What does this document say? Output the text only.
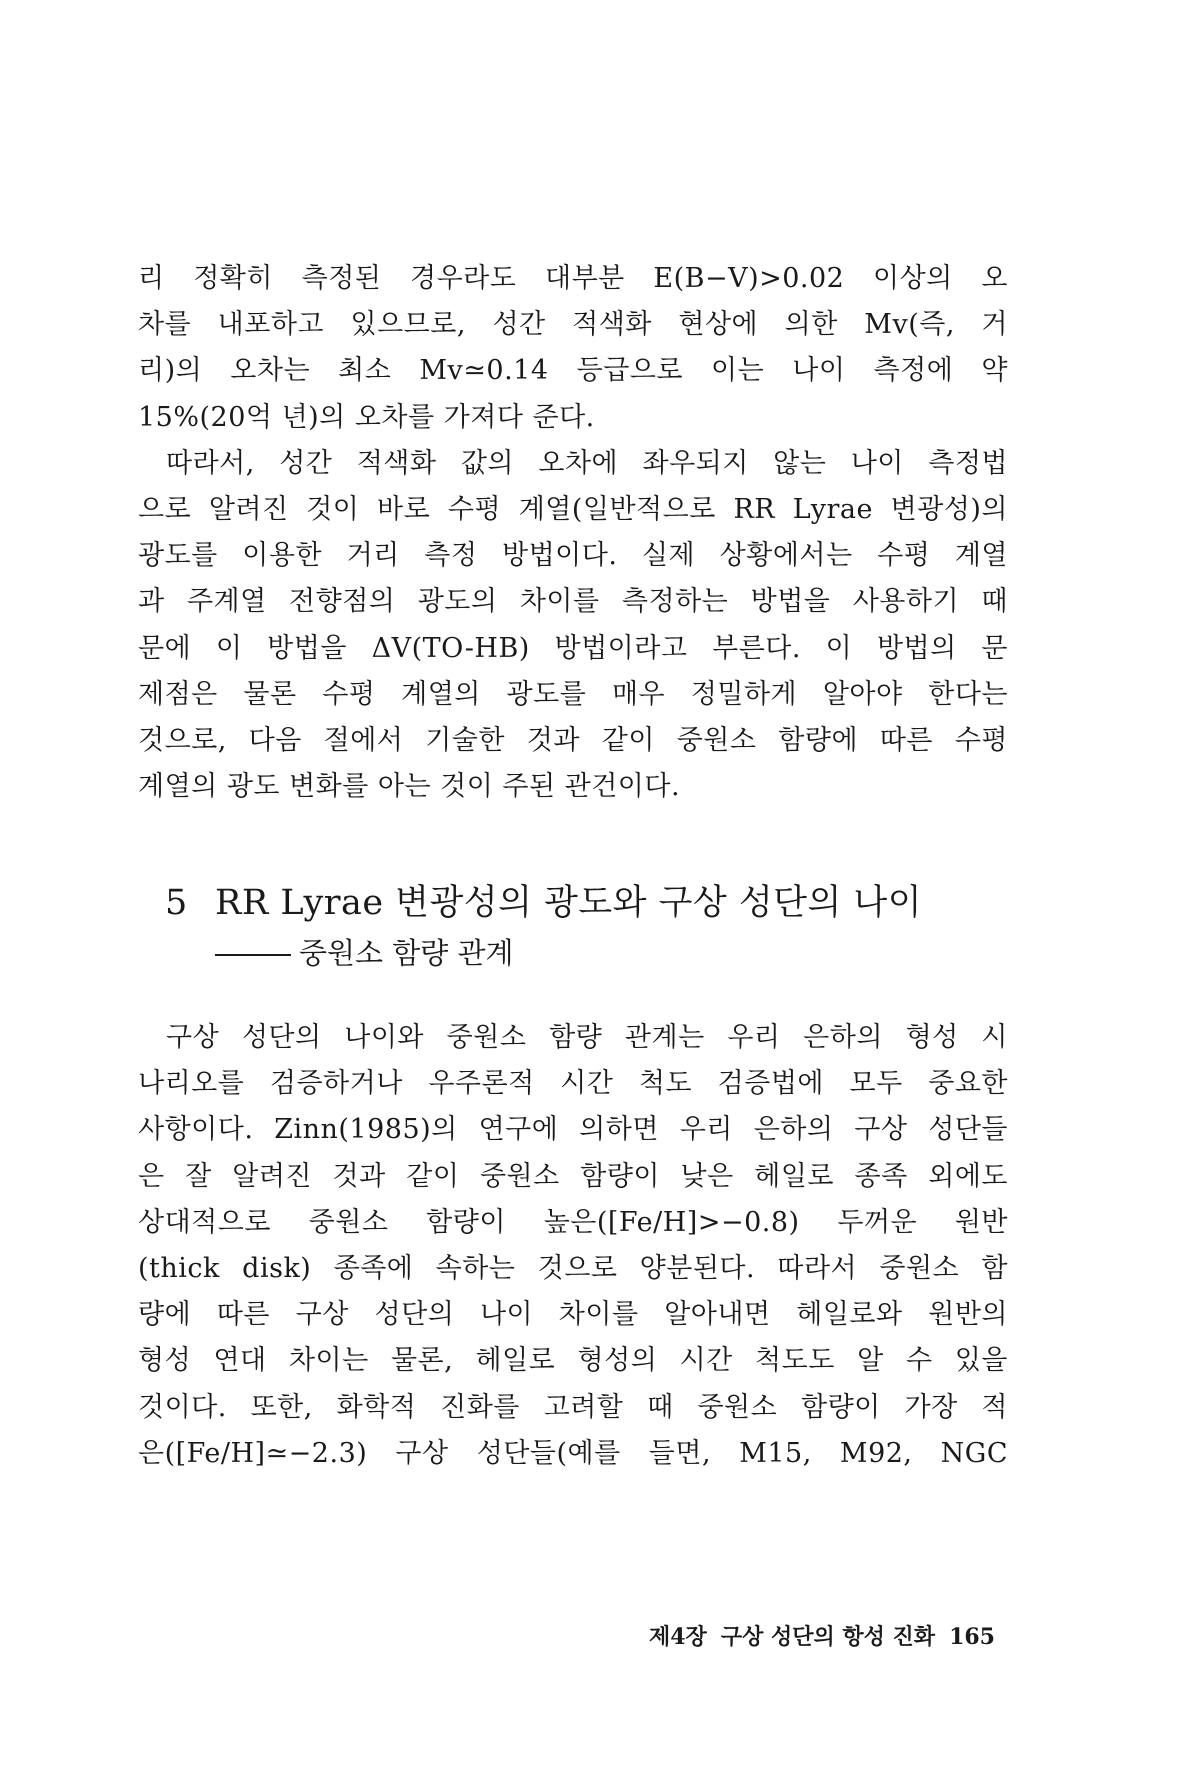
리 정확히 측정된 경우라도 대부분 E(B−V)>0.02 이상의 오
차를 내포하고 있으므로, 성간 적색화 현상에 의한 Mv(즉, 거
리)의 오차는 최소 Mv≃0.14 등급으로 이는 나이 측정에 약
15%(20억 년)의 오차를 가져다 준다.
따라서, 성간 적색화 값의 오차에 좌우되지 않는 나이 측정법
으로 알려진 것이 바로 수평 계열(일반적으로 RR Lyrae 변광성)의
광도를 이용한 거리 측정 방법이다. 실제 상황에서는 수평 계열
과 주계열 전향점의 광도의 차이를 측정하는 방법을 사용하기 때
문에 이 방법을 ΔV(TO-HB) 방법이라고 부른다. 이 방법의 문
제점은 물론 수평 계열의 광도를 매우 정밀하게 알아야 한다는
것으로, 다음 절에서 기술한 것과 같이 중원소 함량에 따른 수평
계열의 광도 변화를 아는 것이 주된 관건이다.
5 RR Lyrae 변광성의 광도와 구상 성단의 나이
중원소 함량 관계
구상 성단의 나이와 중원소 함량 관계는 우리 은하의 형성 시
나리오를 검증하거나 우주론적 시간 척도 검증법에 모두 중요한
사항이다. Zinn(1985)의 연구에 의하면 우리 은하의 구상 성단들
은 잘 알려진 것과 같이 중원소 함량이 낮은 헤일로 종족 외에도
상대적으로 중원소 함량이 높은([Fe/H]>−0.8) 두꺼운 원반
(thick disk) 종족에 속하는 것으로 양분된다. 따라서 중원소 함
량에 따른 구상 성단의 나이 차이를 알아내면 헤일로와 원반의
형성 연대 차이는 물론, 헤일로 형성의 시간 척도도 알 수 있을
것이다. 또한, 화학적 진화를 고려할 때 중원소 함량이 가장 적
은([Fe/H]≃−2.3) 구상 성단들(예를 들면, M15, M92, NGC
제4장 구상 성단의 항성 진화 165
